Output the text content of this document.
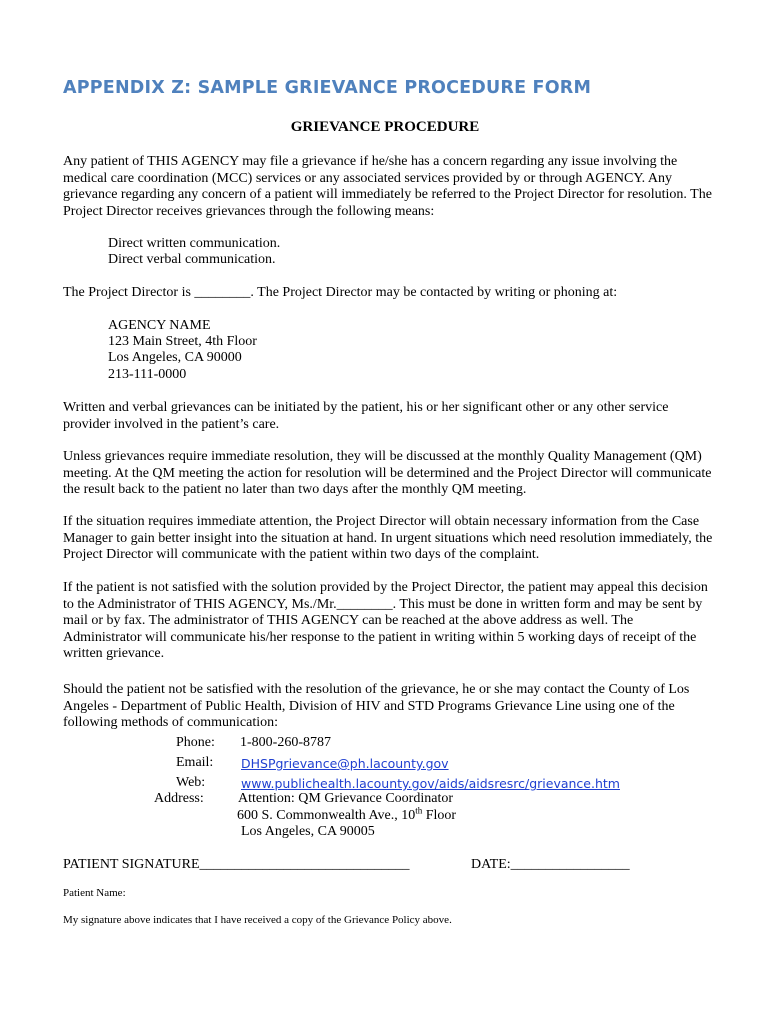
APPENDIX Z: SAMPLE GRIEVANCE PROCEDURE FORM
GRIEVANCE PROCEDURE

Any patient of THIS AGENCY may file a grievance if he/she has a concern regarding any issue involving the medical care coordination (MCC) services or any associated services provided by or through AGENCY. Any grievance regarding any concern of a patient will immediately be referred to the Project Director for resolution. The Project Director receives grievances through the following means:

Direct written communication.
Direct verbal communication.
The Project Director is ________. The Project Director may be contacted by writing or phoning at:
AGENCY NAME
123 Main Street, 4th Floor
Los Angeles, CA 90000
213-111-0000

Written and verbal grievances can be initiated by the patient, his or her significant other or any other service provider involved in the patient’s care.

Unless grievances require immediate resolution, they will be discussed at the monthly Quality Management (QM) meeting. At the QM meeting the action for resolution will be determined and the Project Director will communicate the result back to the patient no later than two days after the monthly QM meeting.

If the situation requires immediate attention, the Project Director will obtain necessary information from the Case Manager to gain better insight into the situation at hand. In urgent situations which need resolution immediately, the Project Director will communicate with the patient within two days of the complaint.

If the patient is not satisfied with the solution provided by the Project Director, the patient may appeal this decision to the Administrator of THIS AGENCY, Ms./Mr.________. This must be done in written form and may be sent by mail or by fax. The administrator of THIS AGENCY can be reached at the above address as well. The Administrator will communicate his/her response to the patient in writing within 5 working days of receipt of the written grievance.

Should the patient not be satisfied with the resolution of the grievance, he or she may contact the County of Los Angeles - Department of Public Health, Division of HIV and STD Programs Grievance Line using one of the following methods of communication:

Phone: 1-800-260-8787
Email: DHSPgrievance@ph.lacounty.gov
Web:	www.publichealth.lacounty.gov/aids/aidsresrc/grievance.htm
Address: Attention: QM Grievance Coordinator
600 S. Commonwealth Ave., 10th Floor
Los Angeles, CA 90005
PATIENT SIGNATURE______________________________	DATE:_________________
Patient Name:
My signature above indicates that I have received a copy of the Grievance Policy above.
